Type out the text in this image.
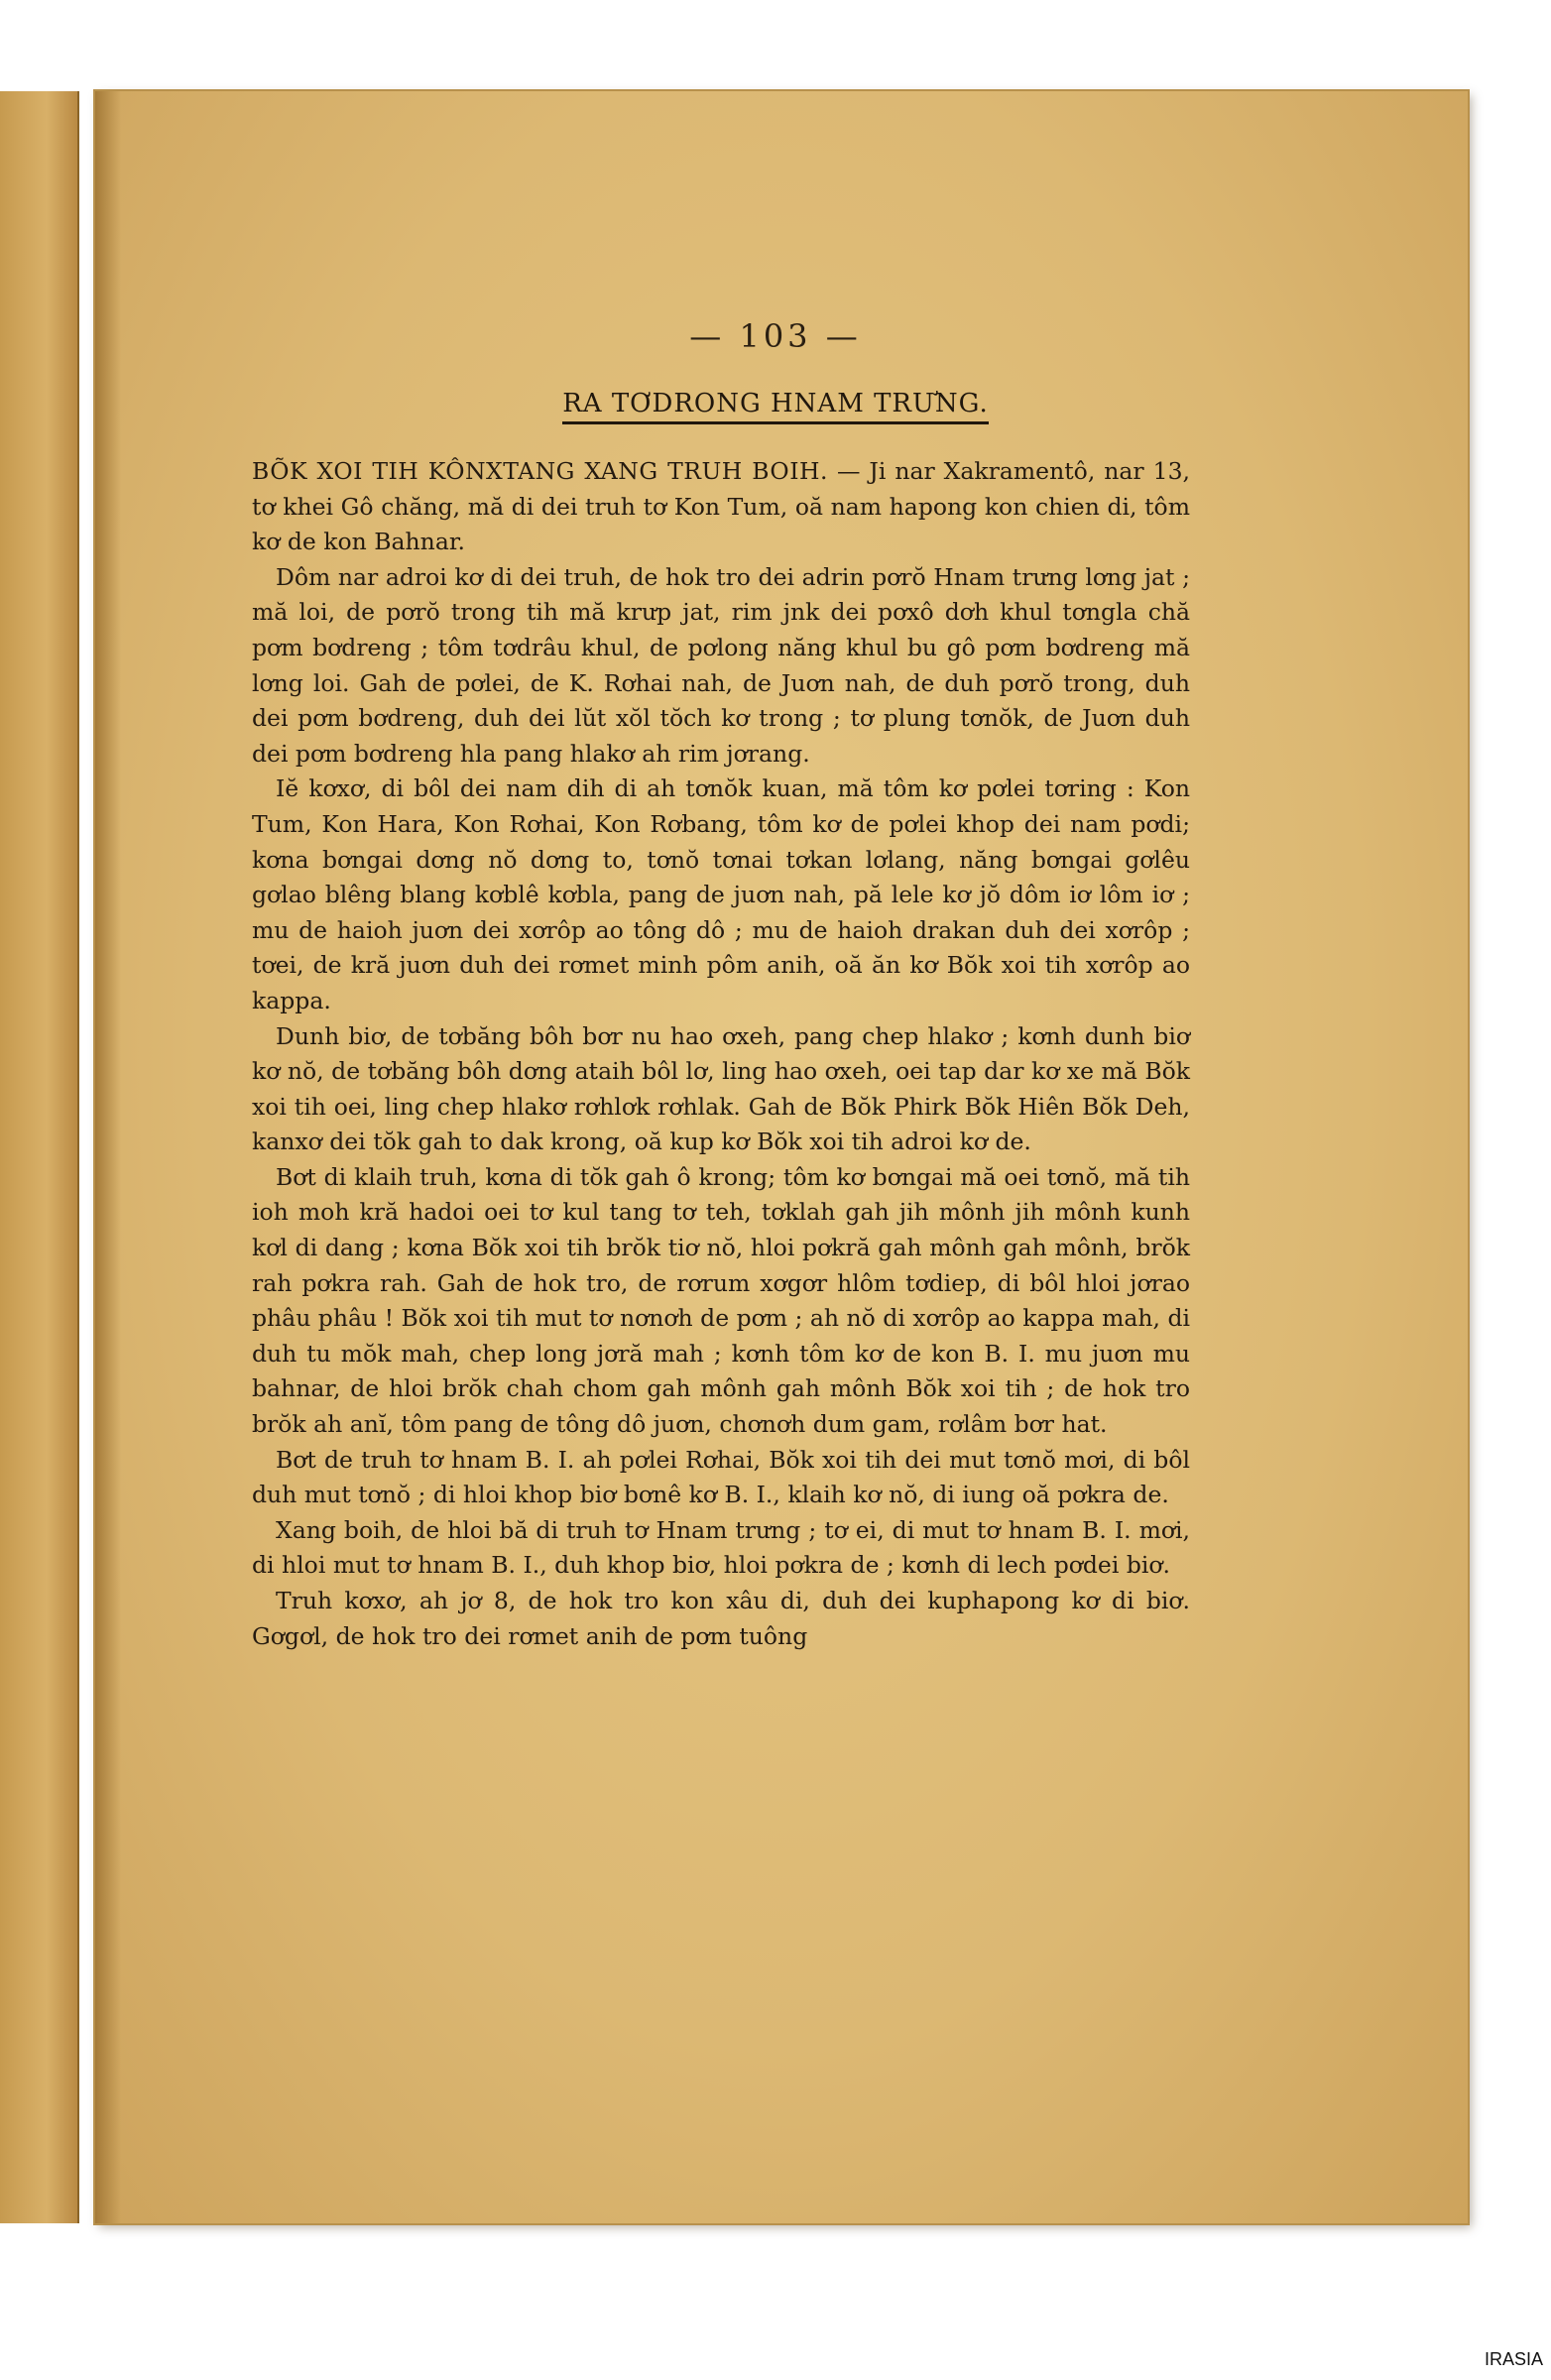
— 103 —
RA TƠDRONG HNAM TRƯNG.

BÕK XOI TIH KÔNXTANG XANG TRUH BOIH. — Ji nar Xakramentô, nar 13, tơ khei Gô chăng, mă di dei truh tơ Kon Tum, oă nam hapong kon chien di, tôm kơ de kon Bahnar.

Dôm nar adroi kơ di dei truh, de hok tro dei adrin pơrŏ Hnam trưng lơng jat ; mă loi, de pơrŏ trong tih mă krưp jat, rim jnk dei pơxô dơh khul tơngla chă pơm bơdreng ; tôm tơdrâu khul, de pơlong năng khul bu gô pơm bơdreng mă lơng loi. Gah de pơlei, de K. Rơhai nah, de Juơn nah, de duh pơrŏ trong, duh dei pơm bơdreng, duh dei lŭt xŏl tŏch kơ trong ; tơ plung tơnŏk, de Juơn duh dei pơm bơdreng hla pang hlakơ ah rim jơrang.

Iĕ kơxơ, di bôl dei nam dih di ah tơnŏk kuan, mă tôm kơ pơlei tơring : Kon Tum, Kon Hara, Kon Rơhai, Kon Rơbang, tôm kơ de pơlei khop dei nam pơdi; kơna bơngai dơng nŏ dơng to, tơnŏ tơnai tơkan lơlang, năng bơngai gơlêu gơlao blêng blang kơblê kơbla, pang de juơn nah, pă lele kơ jŏ dôm iơ lôm iơ ; mu de haioh juơn dei xơrôp ao tông dô ; mu de haioh drakan duh dei xơrôp ; tơei, de kră juơn duh dei rơmet minh pôm anih, oă ăn kơ Bŏk xoi tih xơrôp ao kappa.

Dunh biơ, de tơbăng bôh bơr nu hao ơxeh, pang chep hlakơ ; kơnh dunh biơ kơ nŏ, de tơbăng bôh dơng ataih bôl lơ, ling hao ơxeh, oei tap dar kơ xe mă Bŏk xoi tih oei, ling chep hlakơ rơhlơk rơhlak. Gah de Bŏk Phirk Bŏk Hiên Bŏk Deh, kanxơ dei tŏk gah to dak krong, oă kup kơ Bŏk xoi tih adroi kơ de.

Bơt di klaih truh, kơna di tŏk gah ô krong; tôm kơ bơngai mă oei tơnŏ, mă tih ioh moh kră hadoi oei tơ kul tang tơ teh, tơklah gah jih mônh jih mônh kunh kơl di dang ; kơna Bŏk xoi tih brŏk tiơ nŏ, hloi pơkră gah mônh gah mônh, brŏk rah pơkra rah. Gah de hok tro, de rơrum xơgơr hlôm tơdiep, di bôl hloi jơrao phâu phâu ! Bŏk xoi tih mut tơ nơnơh de pơm ; ah nŏ di xơrôp ao kappa mah, di duh tu mŏk mah, chep long jơră mah ; kơnh tôm kơ de kon B. I. mu juơn mu bahnar, de hloi brŏk chah chom gah mônh gah mônh Bŏk xoi tih ; de hok tro brŏk ah anĭ, tôm pang de tông dô juơn, chơnơh dum gam, rơlâm bơr hat.

Bơt de truh tơ hnam B. I. ah pơlei Rơhai, Bŏk xoi tih dei mut tơnŏ mơi, di bôl duh mut tơnŏ ; di hloi khop biơ bơnê kơ B. I., klaih kơ nŏ, di iung oă pơkra de.

Xang boih, de hloi bă di truh tơ Hnam trưng ; tơ ei, di mut tơ hnam B. I. mơi, di hloi mut tơ hnam B. I., duh khop biơ, hloi pơkra de ; kơnh di lech pơdei biơ.

Truh kơxơ, ah jơ 8, de hok tro kon xâu di, duh dei kuphapong kơ di biơ. Gơgơl, de hok tro dei rơmet anih de pơm tuông

IRASIA
